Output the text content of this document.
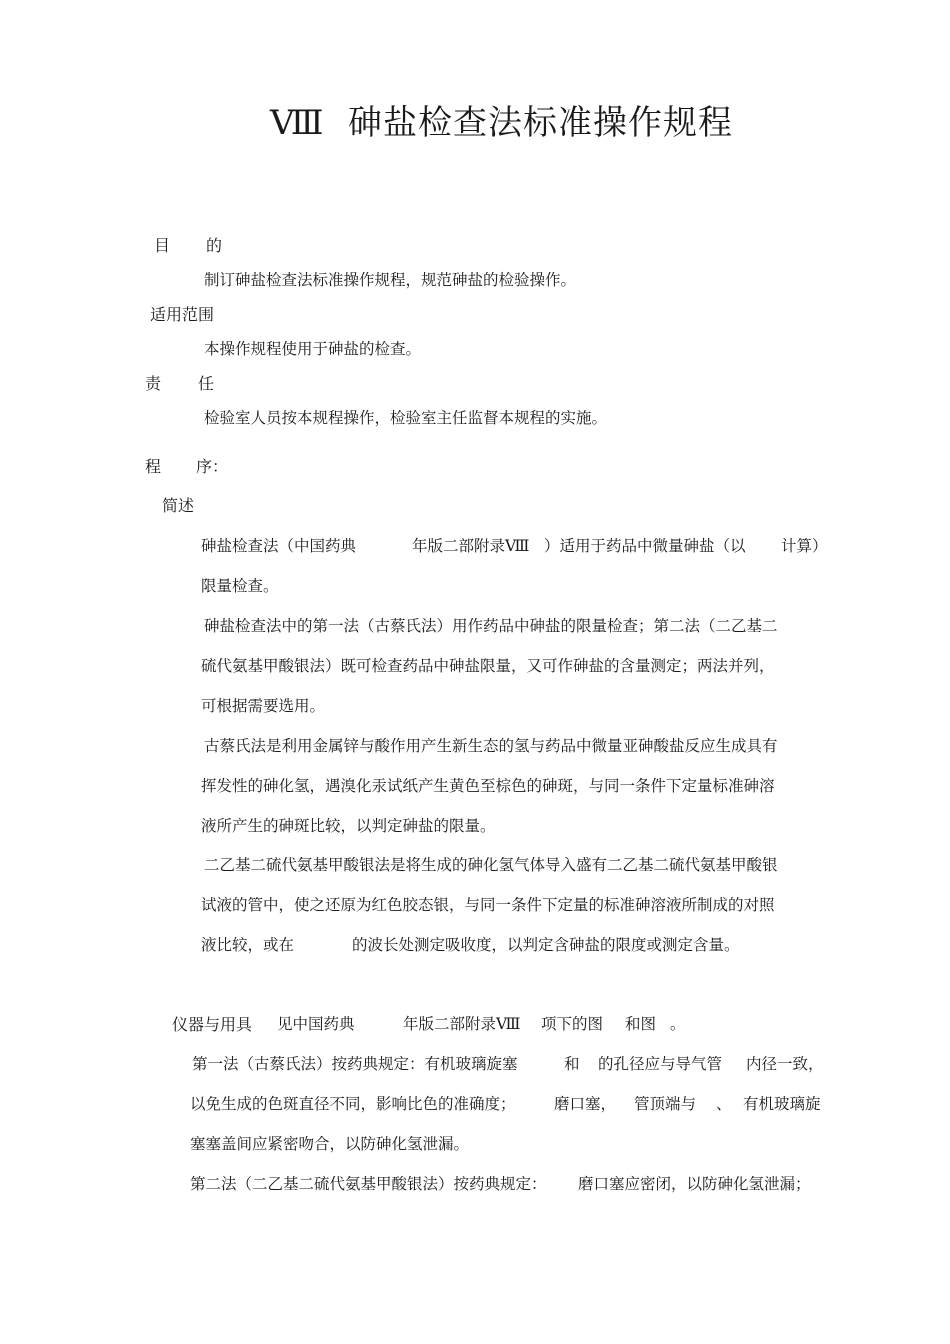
Ⅷ 砷盐检查法标准操作规程
目 的
制订砷盐检查法标准操作规程，规范砷盐的检验操作。
适用范围
本操作规程使用于砷盐的检查。
责 任
检验室人员按本规程操作，检验室主任监督本规程的实施。
程 序：
简述
砷盐检查法（中国药典	年版二部附录Ⅷ ）适用于药品中微量砷盐（以 计算）
限量检查。
砷盐检查法中的第一法（古蔡氏法）用作药品中砷盐的限量检查；第二法（二乙基二
硫代氨基甲酸银法）既可检查药品中砷盐限量，又可作砷盐的含量测定；两法并列，
可根据需要选用。
古蔡氏法是利用金属锌与酸作用产生新生态的氢与药品中微量亚砷酸盐反应生成具有
挥发性的砷化氢，遇溴化汞试纸产生黄色至棕色的砷斑，与同一条件下定量标准砷溶
液所产生的砷斑比较，以判定砷盐的限量。
二乙基二硫代氨基甲酸银法是将生成的砷化氢气体导入盛有二乙基二硫代氨基甲酸银
试液的管中，使之还原为红色胶态银，与同一条件下定量的标准砷溶液所制成的对照
液比较，或在	的波长处测定吸收度，以判定含砷盐的限度或测定含量。
仪器与用具 见中国药典	年版二部附录Ⅷ 项下的图 和图 。
第一法（古蔡氏法）按药典规定：有机玻璃旋塞	和 的孔径应与导气管 内径一致，
以免生成的色斑直径不同，影响比色的准确度； 磨口塞， 管顶端与 、 有机玻璃旋
塞塞盖间应紧密吻合，以防砷化氢泄漏。
第二法（二乙基二硫代氨基甲酸银法）按药典规定： 磨口塞应密闭，以防砷化氢泄漏；
